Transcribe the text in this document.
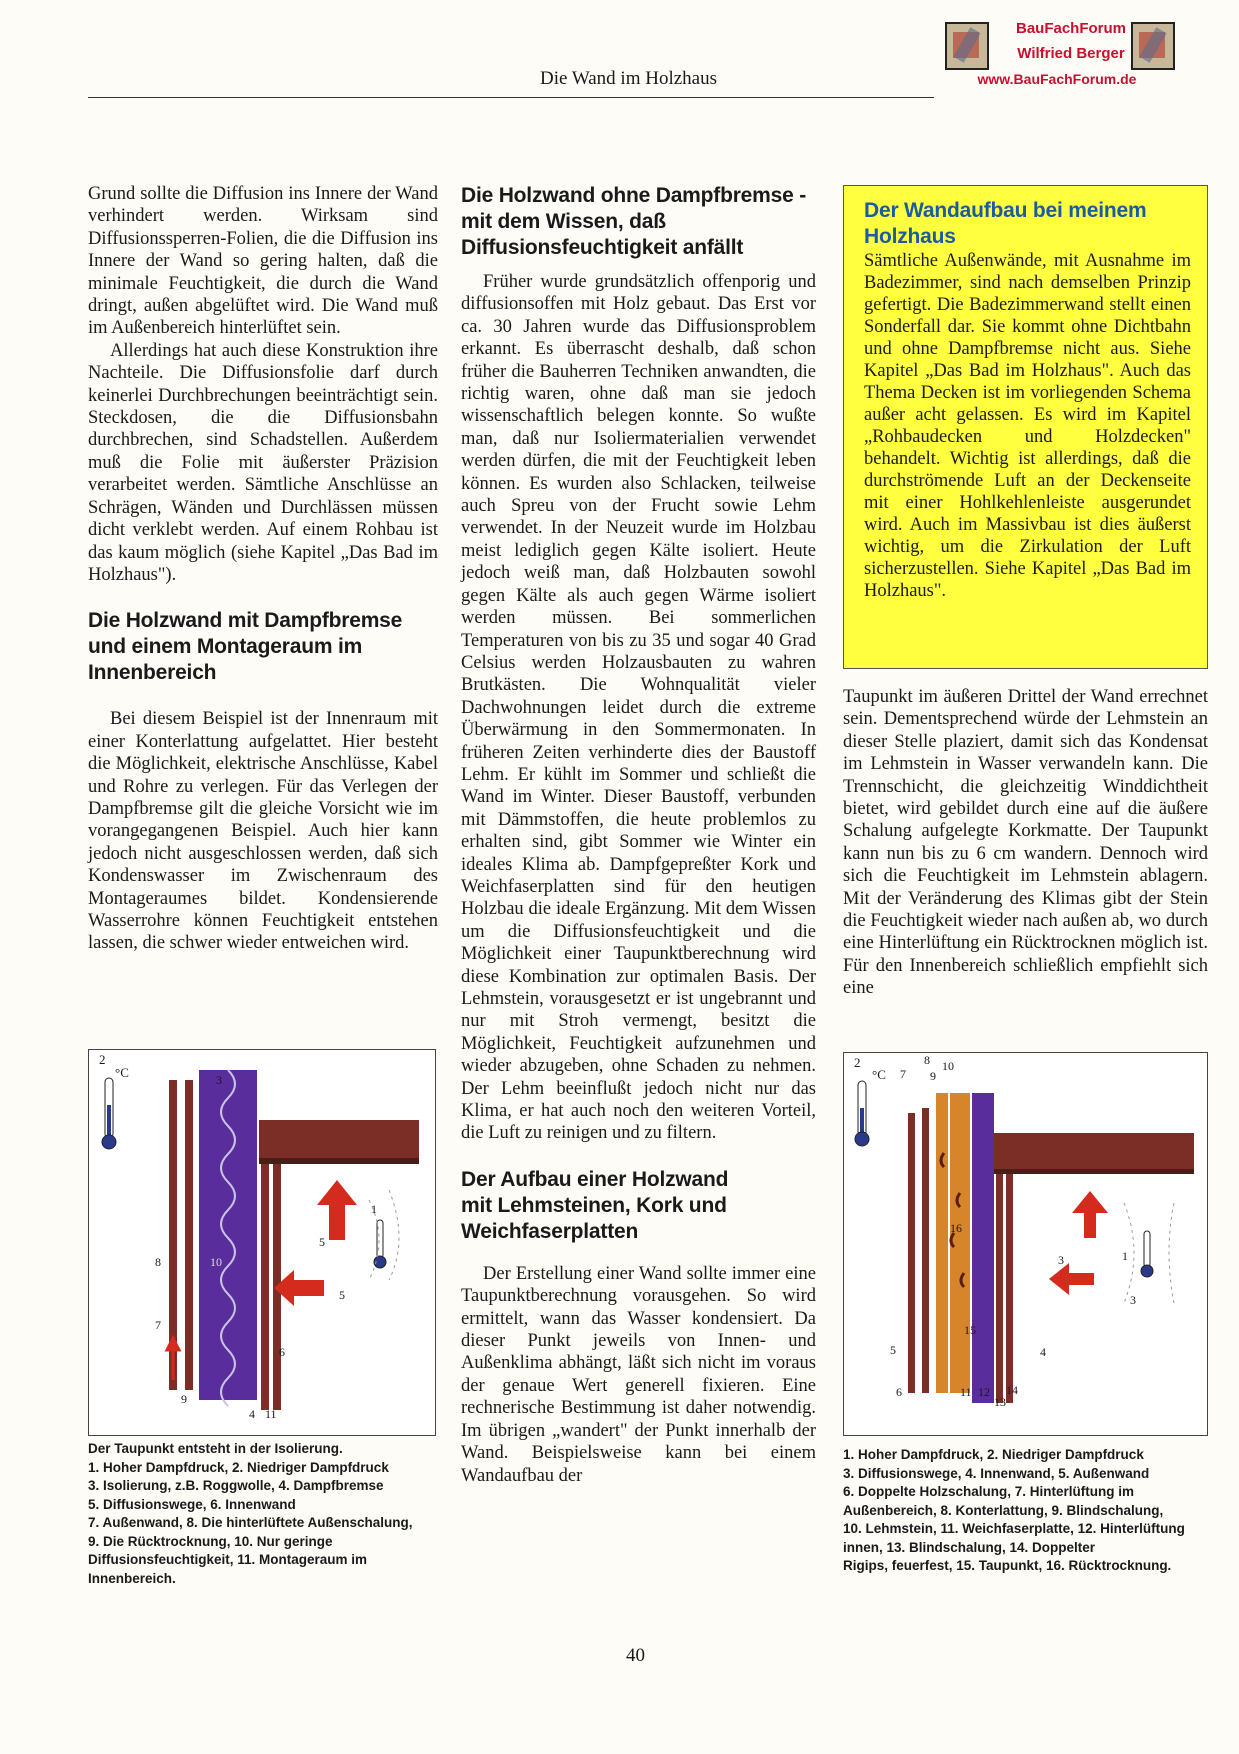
Die Wand im Holzhaus
BauFachForum
Wilfried Berger
www.BauFachForum.de

Grund sollte die Diffusion ins Innere der Wand verhindert werden. Wirksam sind Diffusionssperren-Folien, die die Diffusion ins Innere der Wand so gering halten, daß die minimale Feuchtigkeit, die durch die Wand dringt, außen abgelüftet wird. Die Wand muß im Außenbereich hinterlüftet sein.

Allerdings hat auch diese Konstruktion ihre Nachteile. Die Diffusionsfolie darf durch keinerlei Durchbrechungen beeinträchtigt sein. Steckdosen, die die Diffusionsbahn durchbrechen, sind Schadstellen. Außerdem muß die Folie mit äußerster Präzision verarbeitet werden. Sämtliche Anschlüsse an Schrägen, Wänden und Durchlässen müssen dicht verklebt werden. Auf einem Rohbau ist das kaum möglich (siehe Kapitel „Das Bad im Holzhaus").

Die Holzwand mit Dampfbremse und einem Montageraum im Innenbereich

Bei diesem Beispiel ist der Innenraum mit einer Konterlattung aufgelattet. Hier besteht die Möglichkeit, elektrische Anschlüsse, Kabel und Rohre zu verlegen. Für das Verlegen der Dampfbremse gilt die gleiche Vorsicht wie im vorangegangenen Beispiel. Auch hier kann jedoch nicht ausgeschlossen werden, daß sich Kondenswasser im Zwischenraum des Montageraumes bildet. Kondensierende Wasserrohre können Feuchtigkeit entstehen lassen, die schwer wieder entweichen wird.

Die Holzwand ohne Dampfbremse - mit dem Wissen, daß Diffusionsfeuchtigkeit anfällt

Früher wurde grundsätzlich offenporig und diffusionsoffen mit Holz gebaut. Das Erst vor ca. 30 Jahren wurde das Diffusionsproblem erkannt. Es überrascht deshalb, daß schon früher die Bauherren Techniken anwandten, die richtig waren, ohne daß man sie jedoch wissenschaftlich belegen konnte. So wußte man, daß nur Isoliermaterialien verwendet werden dürfen, die mit der Feuchtigkeit leben können. Es wurden also Schlacken, teilweise auch Spreu von der Frucht sowie Lehm verwendet. In der Neuzeit wurde im Holzbau meist lediglich gegen Kälte isoliert. Heute jedoch weiß man, daß Holzbauten sowohl gegen Kälte als auch gegen Wärme isoliert werden müssen. Bei sommerlichen Temperaturen von bis zu 35 und sogar 40 Grad Celsius werden Holzausbauten zu wahren Brutkästen. Die Wohnqualität vieler Dachwohnungen leidet durch die extreme Überwärmung in den Sommermonaten. In früheren Zeiten verhinderte dies der Baustoff Lehm. Er kühlt im Sommer und schließt die Wand im Winter. Dieser Baustoff, verbunden mit Dämmstoffen, die heute problemlos zu erhalten sind, gibt Sommer wie Winter ein ideales Klima ab. Dampfgepreßter Kork und Weichfaserplatten sind für den heutigen Holzbau die ideale Ergänzung. Mit dem Wissen um die Diffusionsfeuchtigkeit und die Möglichkeit einer Taupunktberechnung wird diese Kombination zur optimalen Basis. Der Lehmstein, vorausgesetzt er ist ungebrannt und nur mit Stroh vermengt, besitzt die Möglichkeit, Feuchtigkeit aufzunehmen und wieder abzugeben, ohne Schaden zu nehmen. Der Lehm beeinflußt jedoch nicht nur das Klima, er hat auch noch den weiteren Vorteil, die Luft zu reinigen und zu filtern.

Der Aufbau einer Holzwand mit Lehmsteinen, Kork und Weichfaserplatten

Der Erstellung einer Wand sollte immer eine Taupunktberechnung vorausgehen. So wird ermittelt, wann das Wasser kondensiert. Da dieser Punkt jeweils von Innen- und Außenklima abhängt, läßt sich nicht im voraus der genaue Wert generell fixieren. Eine rechnerische Bestimmung ist daher notwendig. Im übrigen „wandert" der Punkt innerhalb der Wand. Beispielsweise kann bei einem Wandaufbau der

Der Wandaufbau bei meinem Holzhaus
Sämtliche Außenwände, mit Ausnahme im Badezimmer, sind nach demselben Prinzip gefertigt. Die Badezimmerwand stellt einen Sonderfall dar. Sie kommt ohne Dichtbahn und ohne Dampfbremse nicht aus. Siehe Kapitel „Das Bad im Holzhaus". Auch das Thema Decken ist im vorliegenden Schema außer acht gelassen. Es wird im Kapitel „Rohbaudecken und Holzdecken" behandelt. Wichtig ist allerdings, daß die durchströmende Luft an der Deckenseite mit einer Hohlkehlenleiste ausgerundet wird. Auch im Massivbau ist dies äußerst wichtig, um die Zirkulation der Luft sicherzustellen. Siehe Kapitel „Das Bad im Holzhaus".

Taupunkt im äußeren Drittel der Wand errechnet sein. Dementsprechend würde der Lehmstein an dieser Stelle plaziert, damit sich das Kondensat im Lehmstein in Wasser verwandeln kann. Die Trennschicht, die gleichzeitig Winddichtheit bietet, wird gebildet durch eine auf die äußere Schalung aufgelegte Korkmatte. Der Taupunkt kann nun bis zu 6 cm wandern. Dennoch wird sich die Feuchtigkeit im Lehmstein ablagern. Mit der Veränderung des Klimas gibt der Stein die Feuchtigkeit wieder nach außen ab, wo durch eine Hinterlüftung ein Rücktrocknen möglich ist. Für den Innenbereich schließlich empfiehlt sich eine

2
°C	3
10
8
7
5
5
1
6
9
4 11
Der Taupunkt entsteht in der Isolierung.
1. Hoher Dampfdruck, 2. Niedriger Dampfdruck
3. Isolierung, z.B. Roggwolle, 4. Dampfbremse
5. Diffusionswege, 6. Innenwand
7. Außenwand, 8. Die hinterlüftete Außenschalung,
9. Die Rücktrocknung, 10. Nur geringe Diffusionsfeuchtigkeit, 11. Montageraum im Innenbereich.
2
°C
8 10
7 9
16
15
3	1
3
4
5
6	11 12
13
14
1. Hoher Dampfdruck, 2. Niedriger Dampfdruck
3. Diffusionswege, 4. Innenwand, 5. Außenwand
6. Doppelte Holzschalung, 7. Hinterlüftung im
Außenbereich, 8. Konterlattung, 9. Blindschalung,
10. Lehmstein, 11. Weichfaserplatte, 12. Hinterlüftung innen, 13. Blindschalung, 14. Doppelter
Rigips, feuerfest, 15. Taupunkt, 16. Rücktrocknung.
40
